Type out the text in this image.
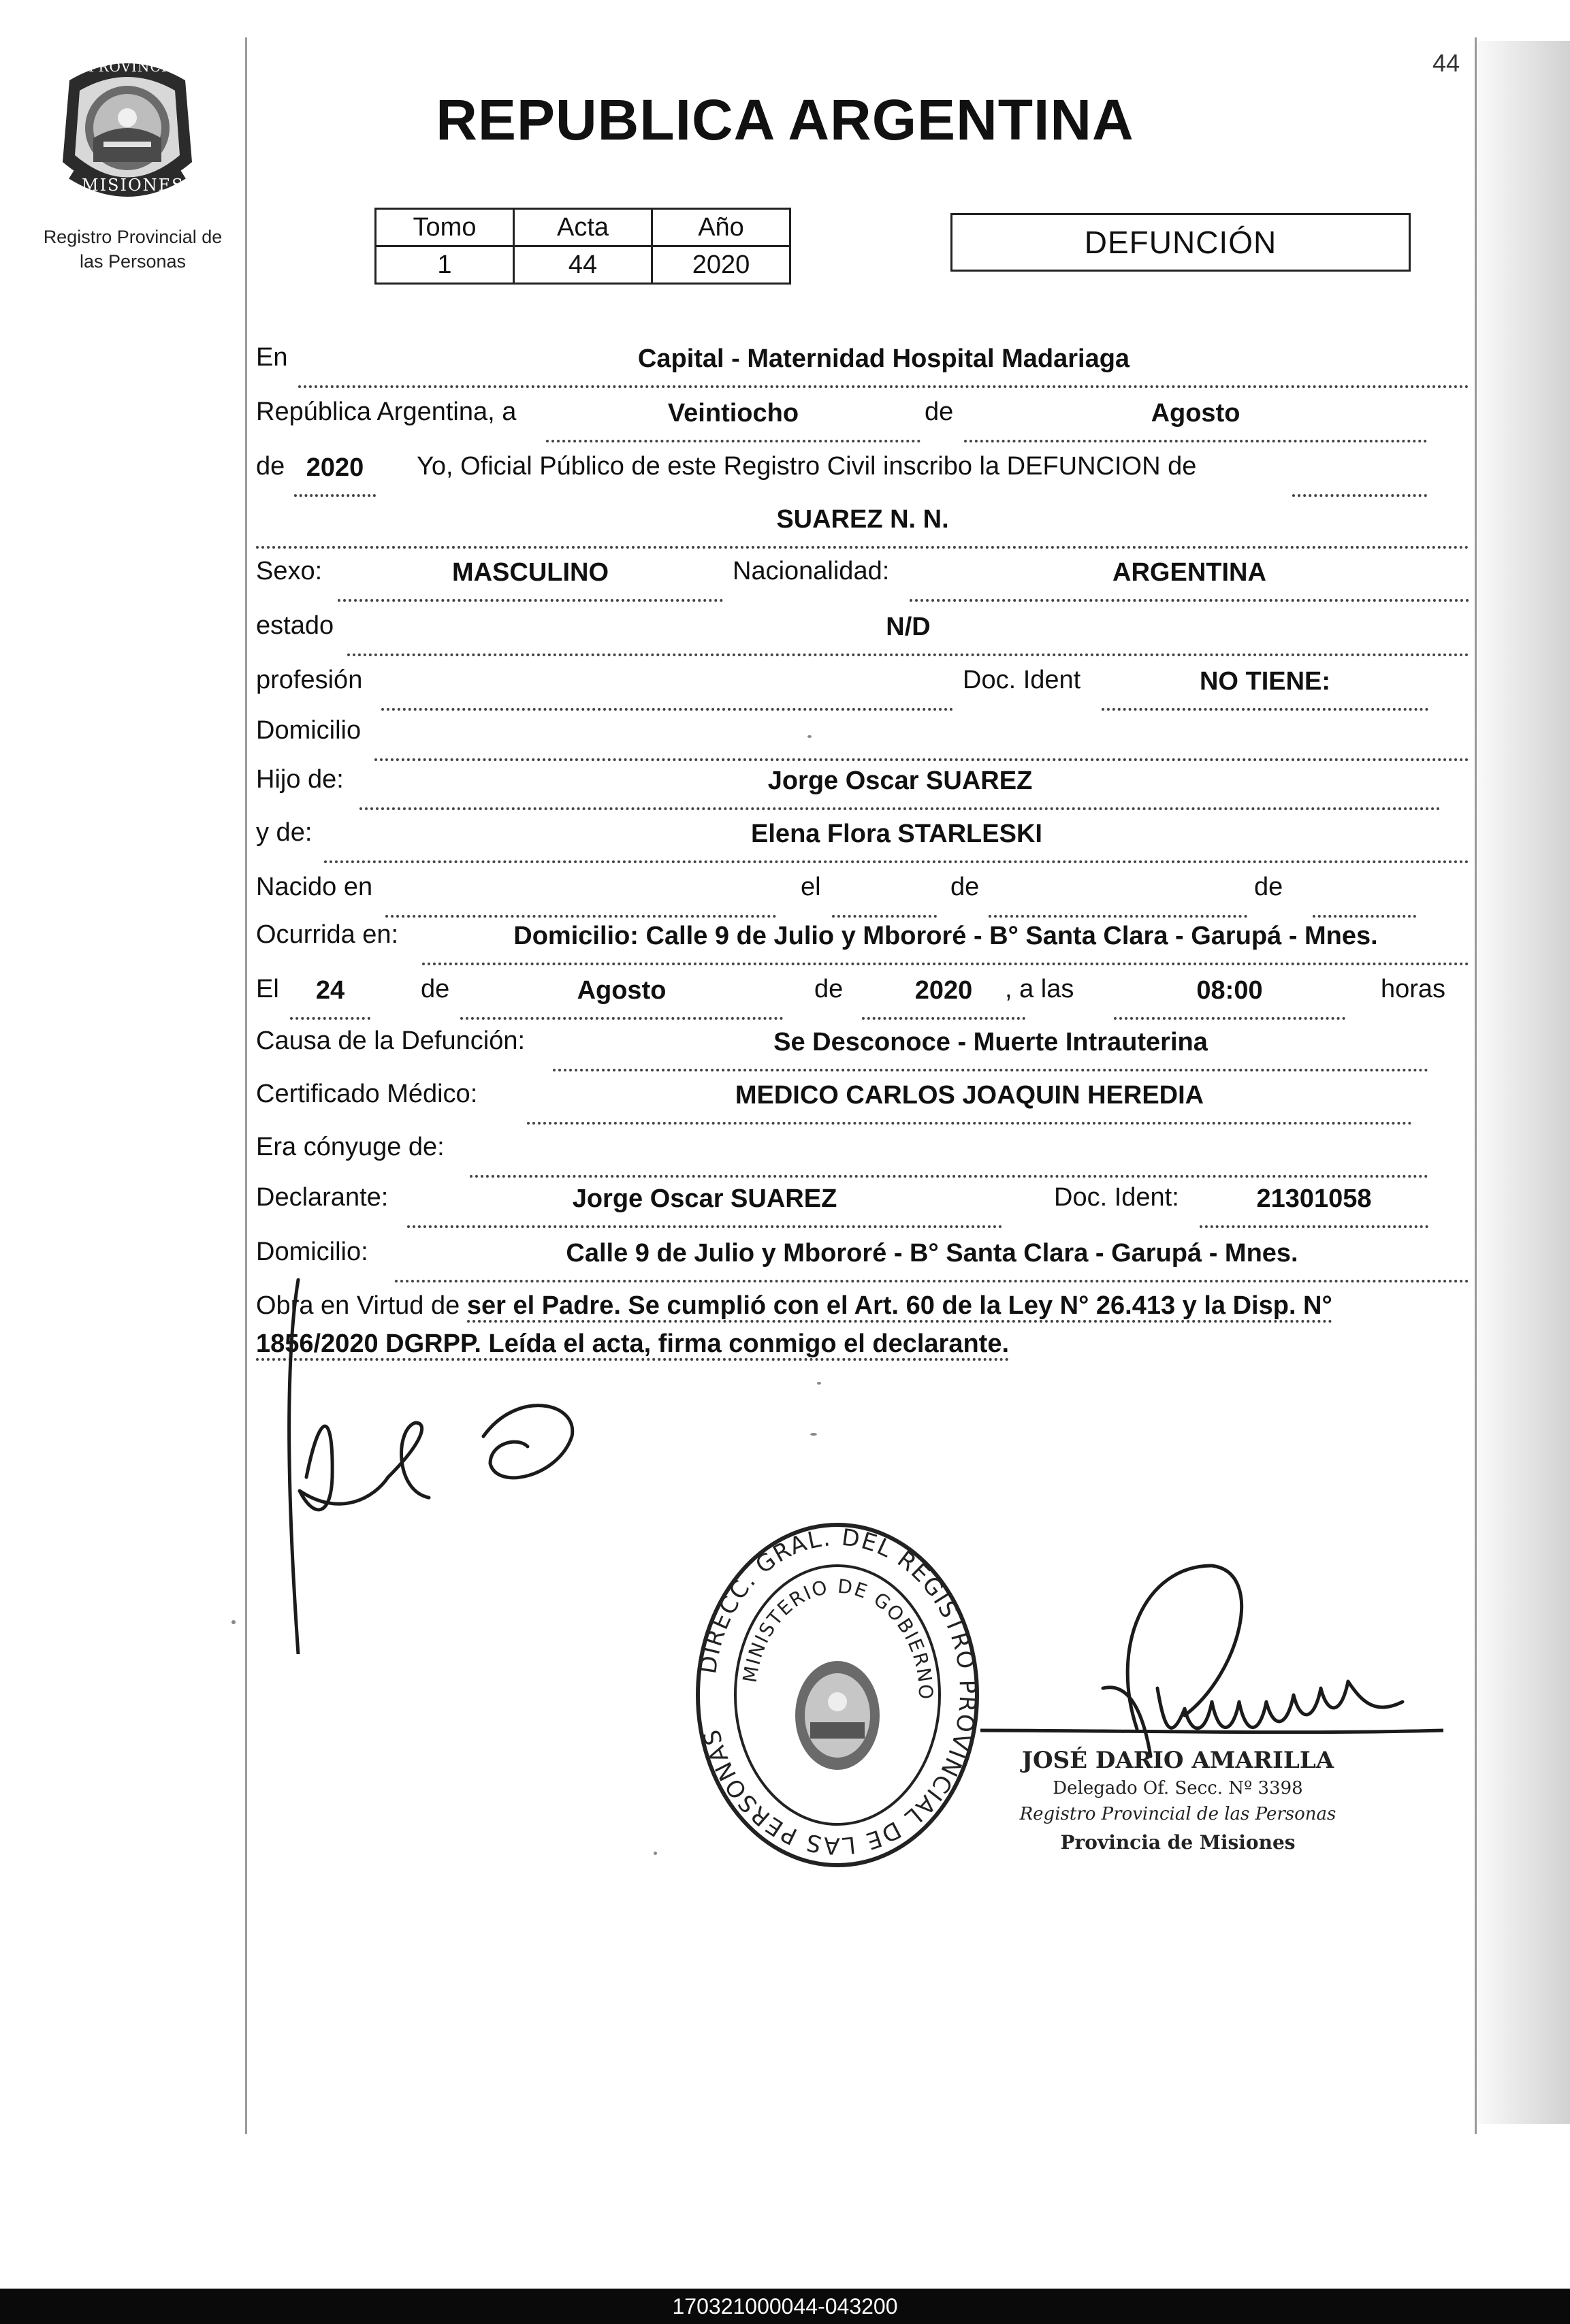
44
PROVINCIA DE
MISIONES
Registro Provincial de
las Personas
REPUBLICA ARGENTINA
Tomo	Acta	Año
1	44	2020
DEFUNCIÓN
En	Capital - Maternidad Hospital Madariaga
República Argentina, a	Veintiocho	de	Agosto
de 2020	Yo, Oficial Público de este Registro Civil inscribo la DEFUNCION de
SUAREZ N. N.
Sexo:	MASCULINO	Nacionalidad:	ARGENTINA
estado	N/D
profesión	Doc. Ident	NO TIENE:
Domicilio
Hijo de:	Jorge Oscar SUAREZ
y de:	Elena Flora STARLESKI
Nacido en	el	de	de
Ocurrida en:	Domicilio: Calle 9 de Julio y Mbororé - B° Santa Clara - Garupá - Mnes.
El	24	de	Agosto	de	2020	, a las	08:00	horas
Causa de la Defunción:	Se Desconoce - Muerte Intrauterina
Certificado Médico:	MEDICO CARLOS JOAQUIN HEREDIA
Era cónyuge de:
Declarante:	Jorge Oscar SUAREZ	Doc. Ident:	21301058
Domicilio:	Calle 9 de Julio y Mbororé - B° Santa Clara - Garupá - Mnes.
Obra en Virtud de ser el Padre. Se cumplió con el Art. 60 de la Ley N° 26.413 y la Disp. N°
1856/2020 DGRPP. Leída el acta, firma conmigo el declarante.
DIRECC. GRAL. DEL REGISTRO PROVINCIAL DE LAS PERSONAS
MINISTERIO DE GOBIERNO
JOSÉ DARIO AMARILLA
Delegado Of. Secc. Nº 3398
Registro Provincial de las Personas
Provincia de Misiones
170321000044-043200
